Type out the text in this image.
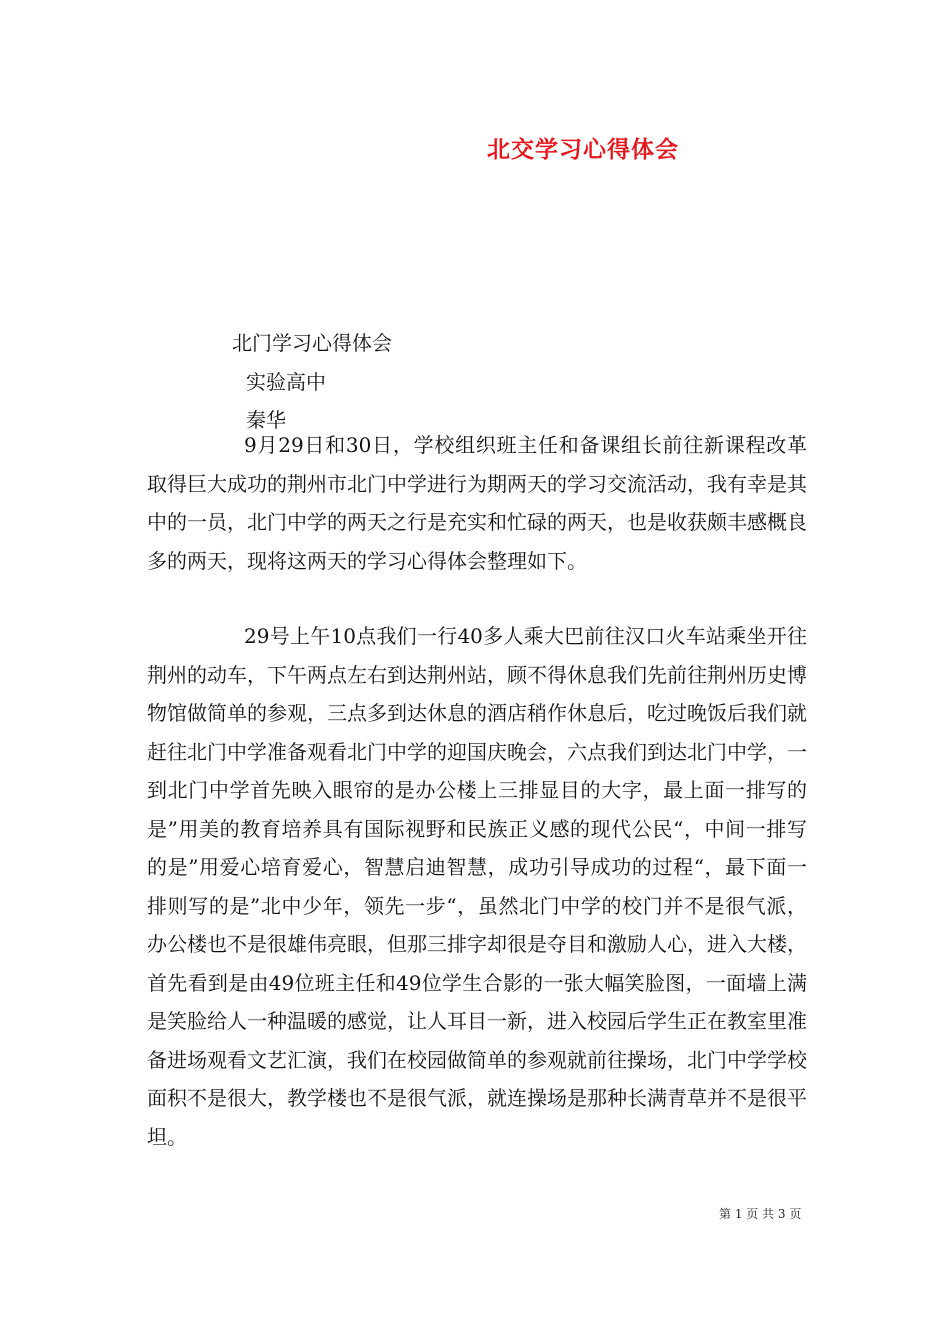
北交学习心得体会
北门学习心得体会
实验高中
秦华

9月29日和30日，学校组织班主任和备课组长前往新课程改革取得巨大成功的荆州市北门中学进行为期两天的学习交流活动，我有幸是其中的一员，北门中学的两天之行是充实和忙碌的两天，也是收获颇丰感概良多的两天，现将这两天的学习心得体会整理如下。

29号上午10点我们一行40多人乘大巴前往汉口火车站乘坐开往荆州的动车，下午两点左右到达荆州站，顾不得休息我们先前往荆州历史博物馆做简单的参观，三点多到达休息的酒店稍作休息后，吃过晚饭后我们就赶往北门中学准备观看北门中学的迎国庆晚会，六点我们到达北门中学，一到北门中学首先映入眼帘的是办公楼上三排显目的大字，最上面一排写的是”用美的教育培养具有国际视野和民族正义感的现代公民“，中间一排写的是”用爱心培育爱心，智慧启迪智慧，成功引导成功的过程“，最下面一排则写的是”北中少年，领先一步“，虽然北门中学的校门并不是很气派，办公楼也不是很雄伟亮眼，但那三排字却很是夺目和激励人心，进入大楼，首先看到是由49位班主任和49位学生合影的一张大幅笑脸图，一面墙上满是笑脸给人一种温暖的感觉，让人耳目一新，进入校园后学生正在教室里准备进场观看文艺汇演，我们在校园做简单的参观就前往操场，北门中学学校面积不是很大，教学楼也不是很气派，就连操场是那种长满青草并不是很平坦。

第 1 页 共 3 页
